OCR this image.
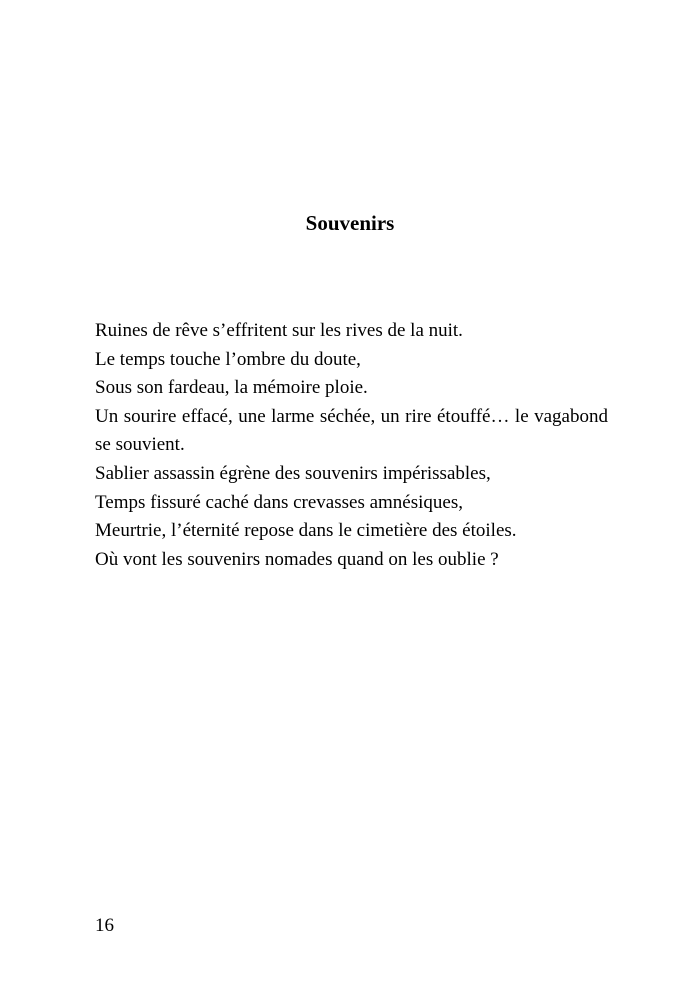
Souvenirs
Ruines de rêve s’effritent sur les rives de la nuit.
Le temps touche l’ombre du doute,
Sous son fardeau, la mémoire ploie.
Un sourire effacé, une larme séchée, un rire étouffé… le vagabond se souvient.
Sablier assassin égrène des souvenirs impérissables,
Temps fissuré caché dans crevasses amnésiques,
Meurtrie, l’éternité repose dans le cimetière des étoiles.
Où vont les souvenirs nomades quand on les oublie ?
16
